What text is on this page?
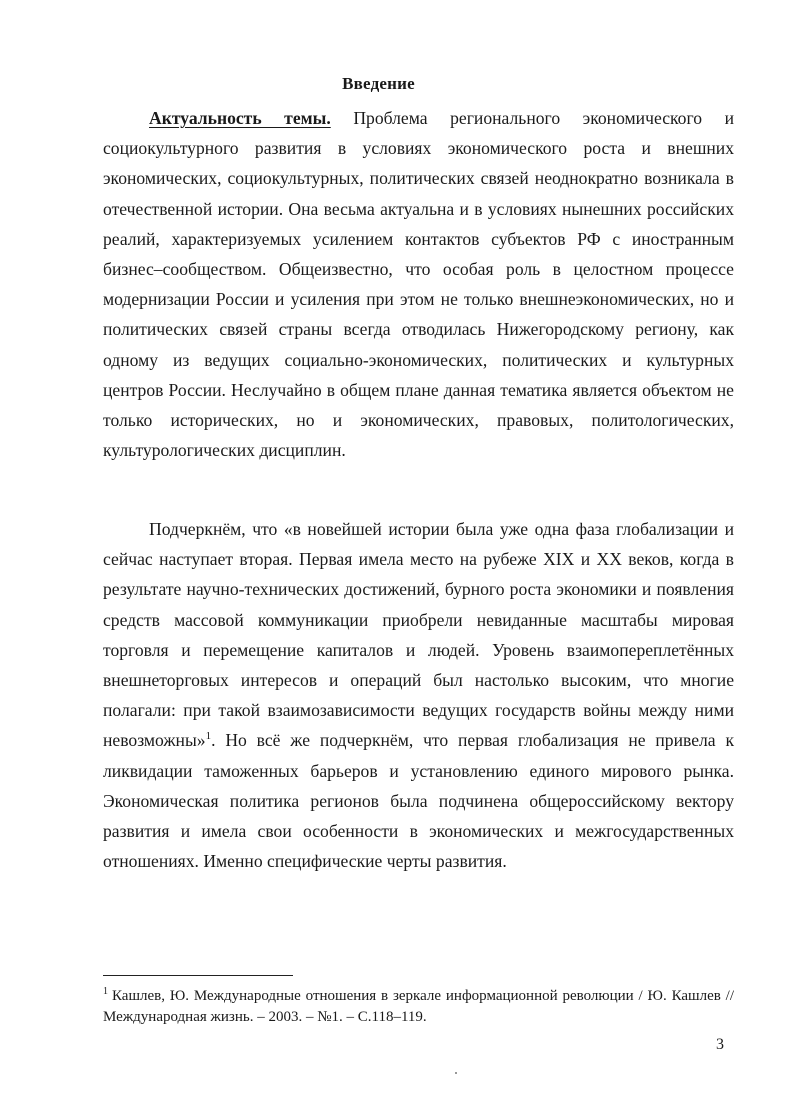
Введение

Актуальность темы. Проблема регионального экономического и социокультурного развития в условиях экономического роста и внешних экономических, социокультурных, политических связей неоднократно возникала в отечественной истории. Она весьма актуальна и в условиях нынешних российских реалий, характеризуемых усилением контактов субъектов РФ с иностранным бизнес–сообществом. Общеизвестно, что особая роль в целостном процессе модернизации России и усиления при этом не только внешнеэкономических, но и политических связей страны всегда отводилась Нижегородскому региону, как одному из ведущих социально-экономических, политических и культурных центров России. Неслучайно в общем плане данная тематика является объектом не только исторических, но и экономических, правовых, политологических, культурологических дисциплин.

Подчеркнём, что «в новейшей истории была уже одна фаза глобализации и сейчас наступает вторая. Первая имела место на рубеже XIX и XX веков, когда в результате научно-технических достижений, бурного роста экономики и появления средств массовой коммуникации приобрели невиданные масштабы мировая торговля и перемещение капиталов и людей. Уровень взаимопереплетённых внешнеторговых интересов и операций был настолько высоким, что многие полагали: при такой взаимозависимости ведущих государств войны между ними невозможны»$^1$. Но всё же подчеркнём, что первая глобализация не привела к ликвидации таможенных барьеров и установлению единого мирового рынка. Экономическая политика регионов была подчинена общероссийскому вектору развития и имела свои особенности в экономических и межгосударственных отношениях. Именно специфические черты развития.

$^1$ Кашлев, Ю. Международные отношения в зеркале информационной революции / Ю. Кашлев // Международная жизнь. – 2003. – №1. – С.118–119.
3
